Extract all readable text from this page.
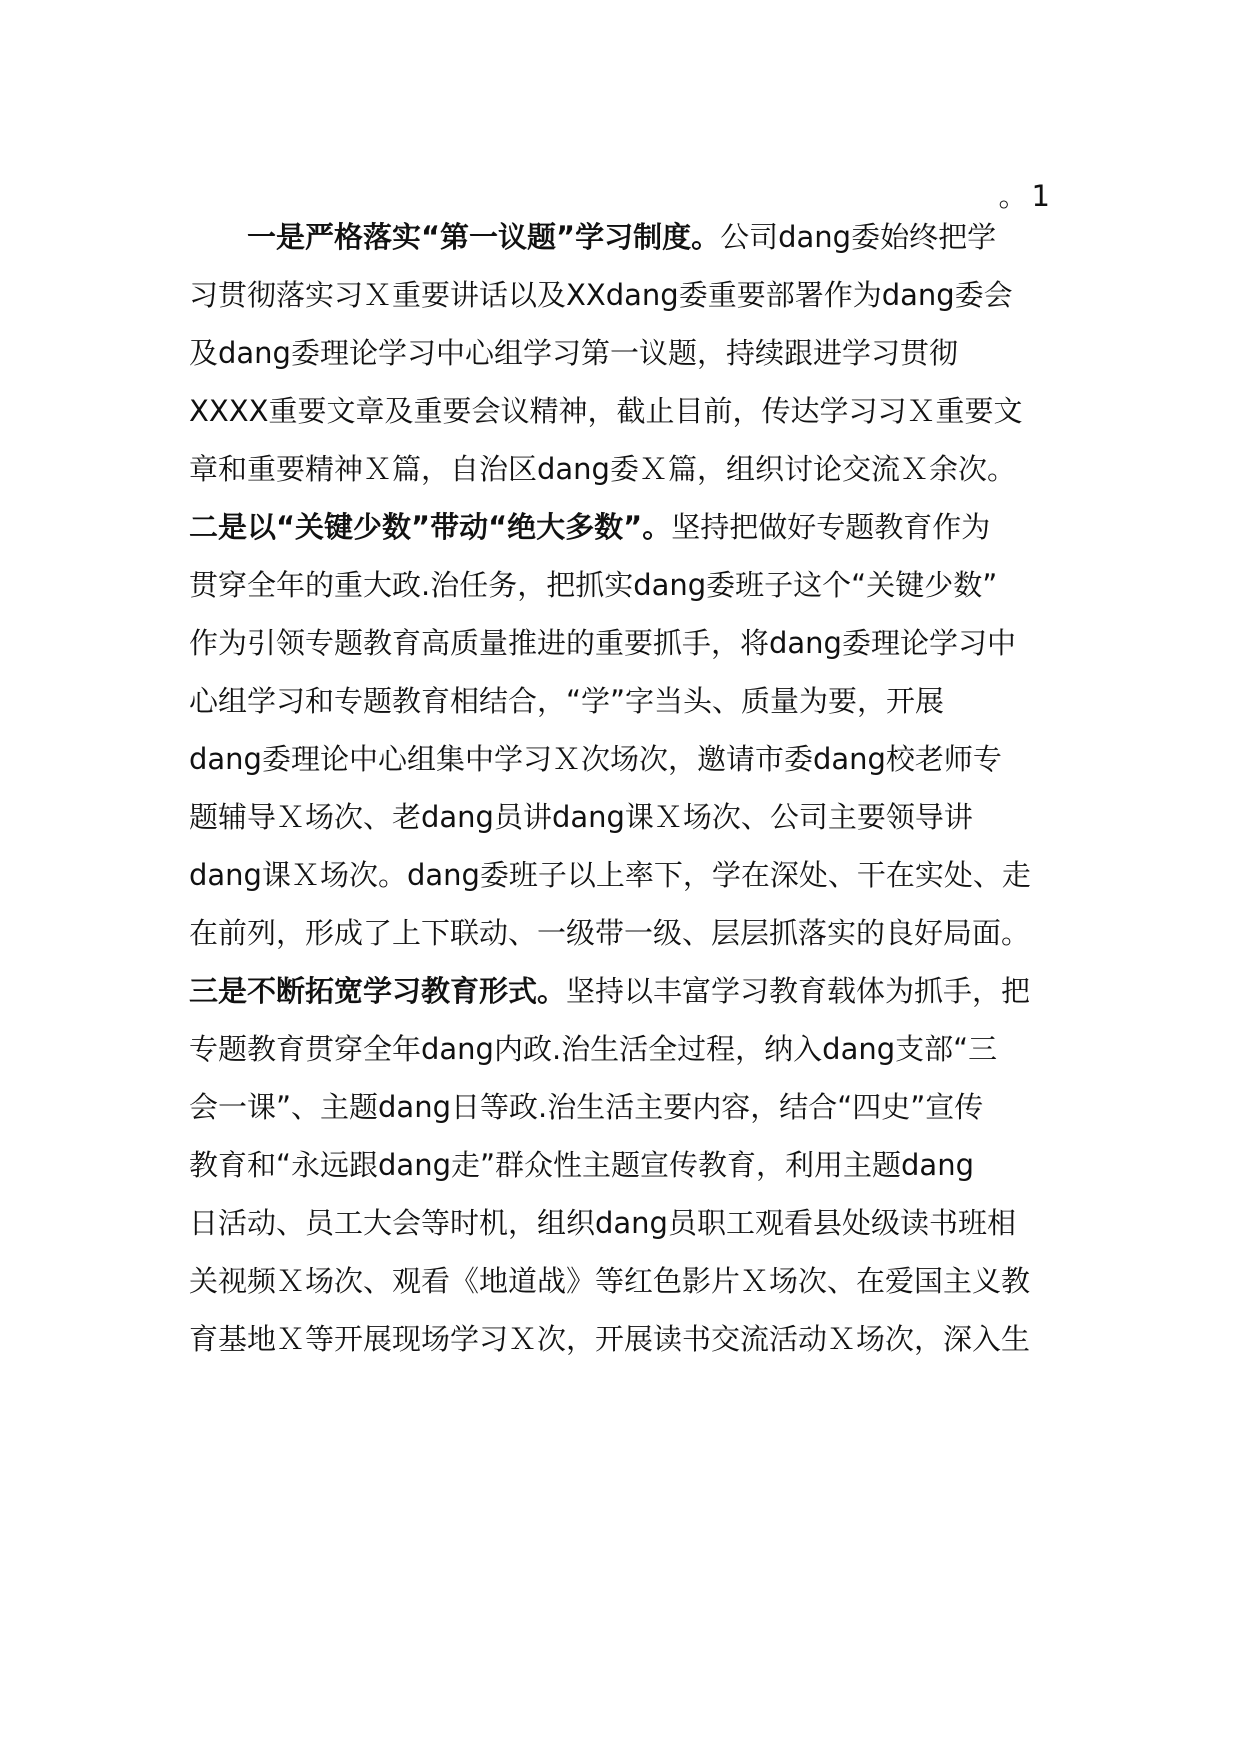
。1
一是严格落实“第一议题”学习制度。公司dang委始终把学
习贯彻落实习Ｘ重要讲话以及XXdang委重要部署作为dang委会
及dang委理论学习中心组学习第一议题，持续跟进学习贯彻
XXXX重要文章及重要会议精神，截止目前，传达学习习Ｘ重要文
章和重要精神Ｘ篇，自治区dang委Ｘ篇，组织讨论交流Ｘ余次。
二是以“关键少数”带动“绝大多数”。坚持把做好专题教育作为
贯穿全年的重大政.治任务，把抓实dang委班子这个“关键少数”
作为引领专题教育高质量推进的重要抓手，将dang委理论学习中
心组学习和专题教育相结合，“学”字当头、质量为要，开展
dang委理论中心组集中学习Ｘ次场次，邀请市委dang校老师专
题辅导Ｘ场次、老dang员讲dang课Ｘ场次、公司主要领导讲
dang课Ｘ场次。dang委班子以上率下，学在深处、干在实处、走
在前列，形成了上下联动、一级带一级、层层抓落实的良好局面。
三是不断拓宽学习教育形式。坚持以丰富学习教育载体为抓手，把
专题教育贯穿全年dang内政.治生活全过程，纳入dang支部“三
会一课”、主题dang日等政.治生活主要内容，结合“四史”宣传
教育和“永远跟dang走”群众性主题宣传教育，利用主题dang
日活动、员工大会等时机，组织dang员职工观看县处级读书班相
关视频Ｘ场次、观看《地道战》等红色影片Ｘ场次、在爱国主义教
育基地Ｘ等开展现场学习Ｘ次，开展读书交流活动Ｘ场次，深入生
